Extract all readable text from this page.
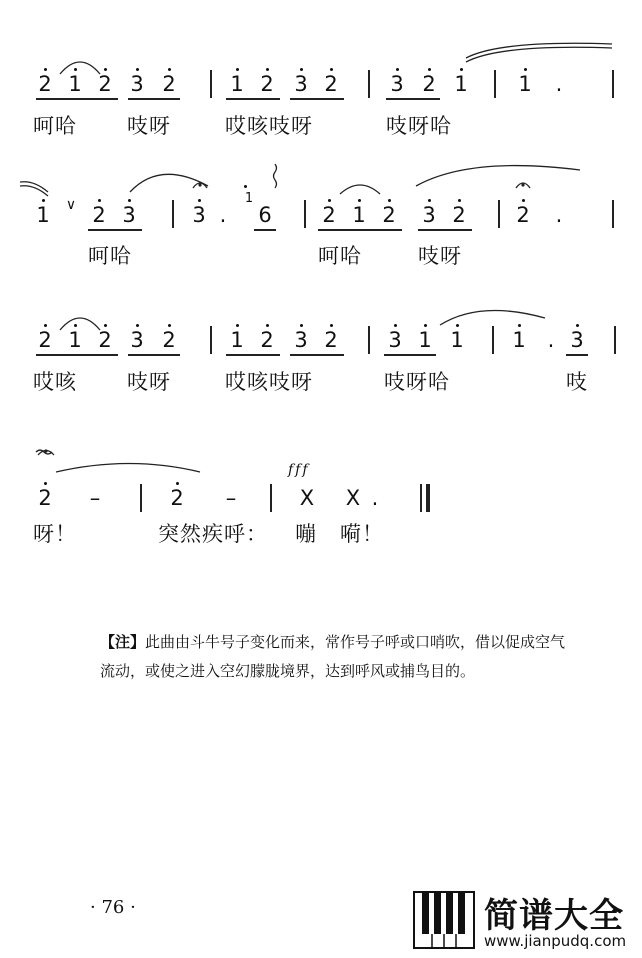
2 1 2 3 2	1 2 3 2	3 2 1 1	.
呵哈 吱呀	哎咳吱呀	吱呀哈
1	∨ 2 3	3 .
1
6 2 1 2 3 2 2	.
呵哈	呵哈	吱呀
2 1 2 3 2	1 2 3 2 3 1 1 1	. 3
哎咳 吱呀	哎咳吱呀	吱呀哈	吱
2 –	2 –
fff
X X .
呀！	突然疾呼： 嘣 嗬！
【注】此曲由斗牛号子变化而来，常作号子呼或口哨吹，借以促成空气流动，或使之进入空幻朦胧境界，达到呼风或捕鸟目的。
· 76 ·	简谱大全
www.jianpudq.com
